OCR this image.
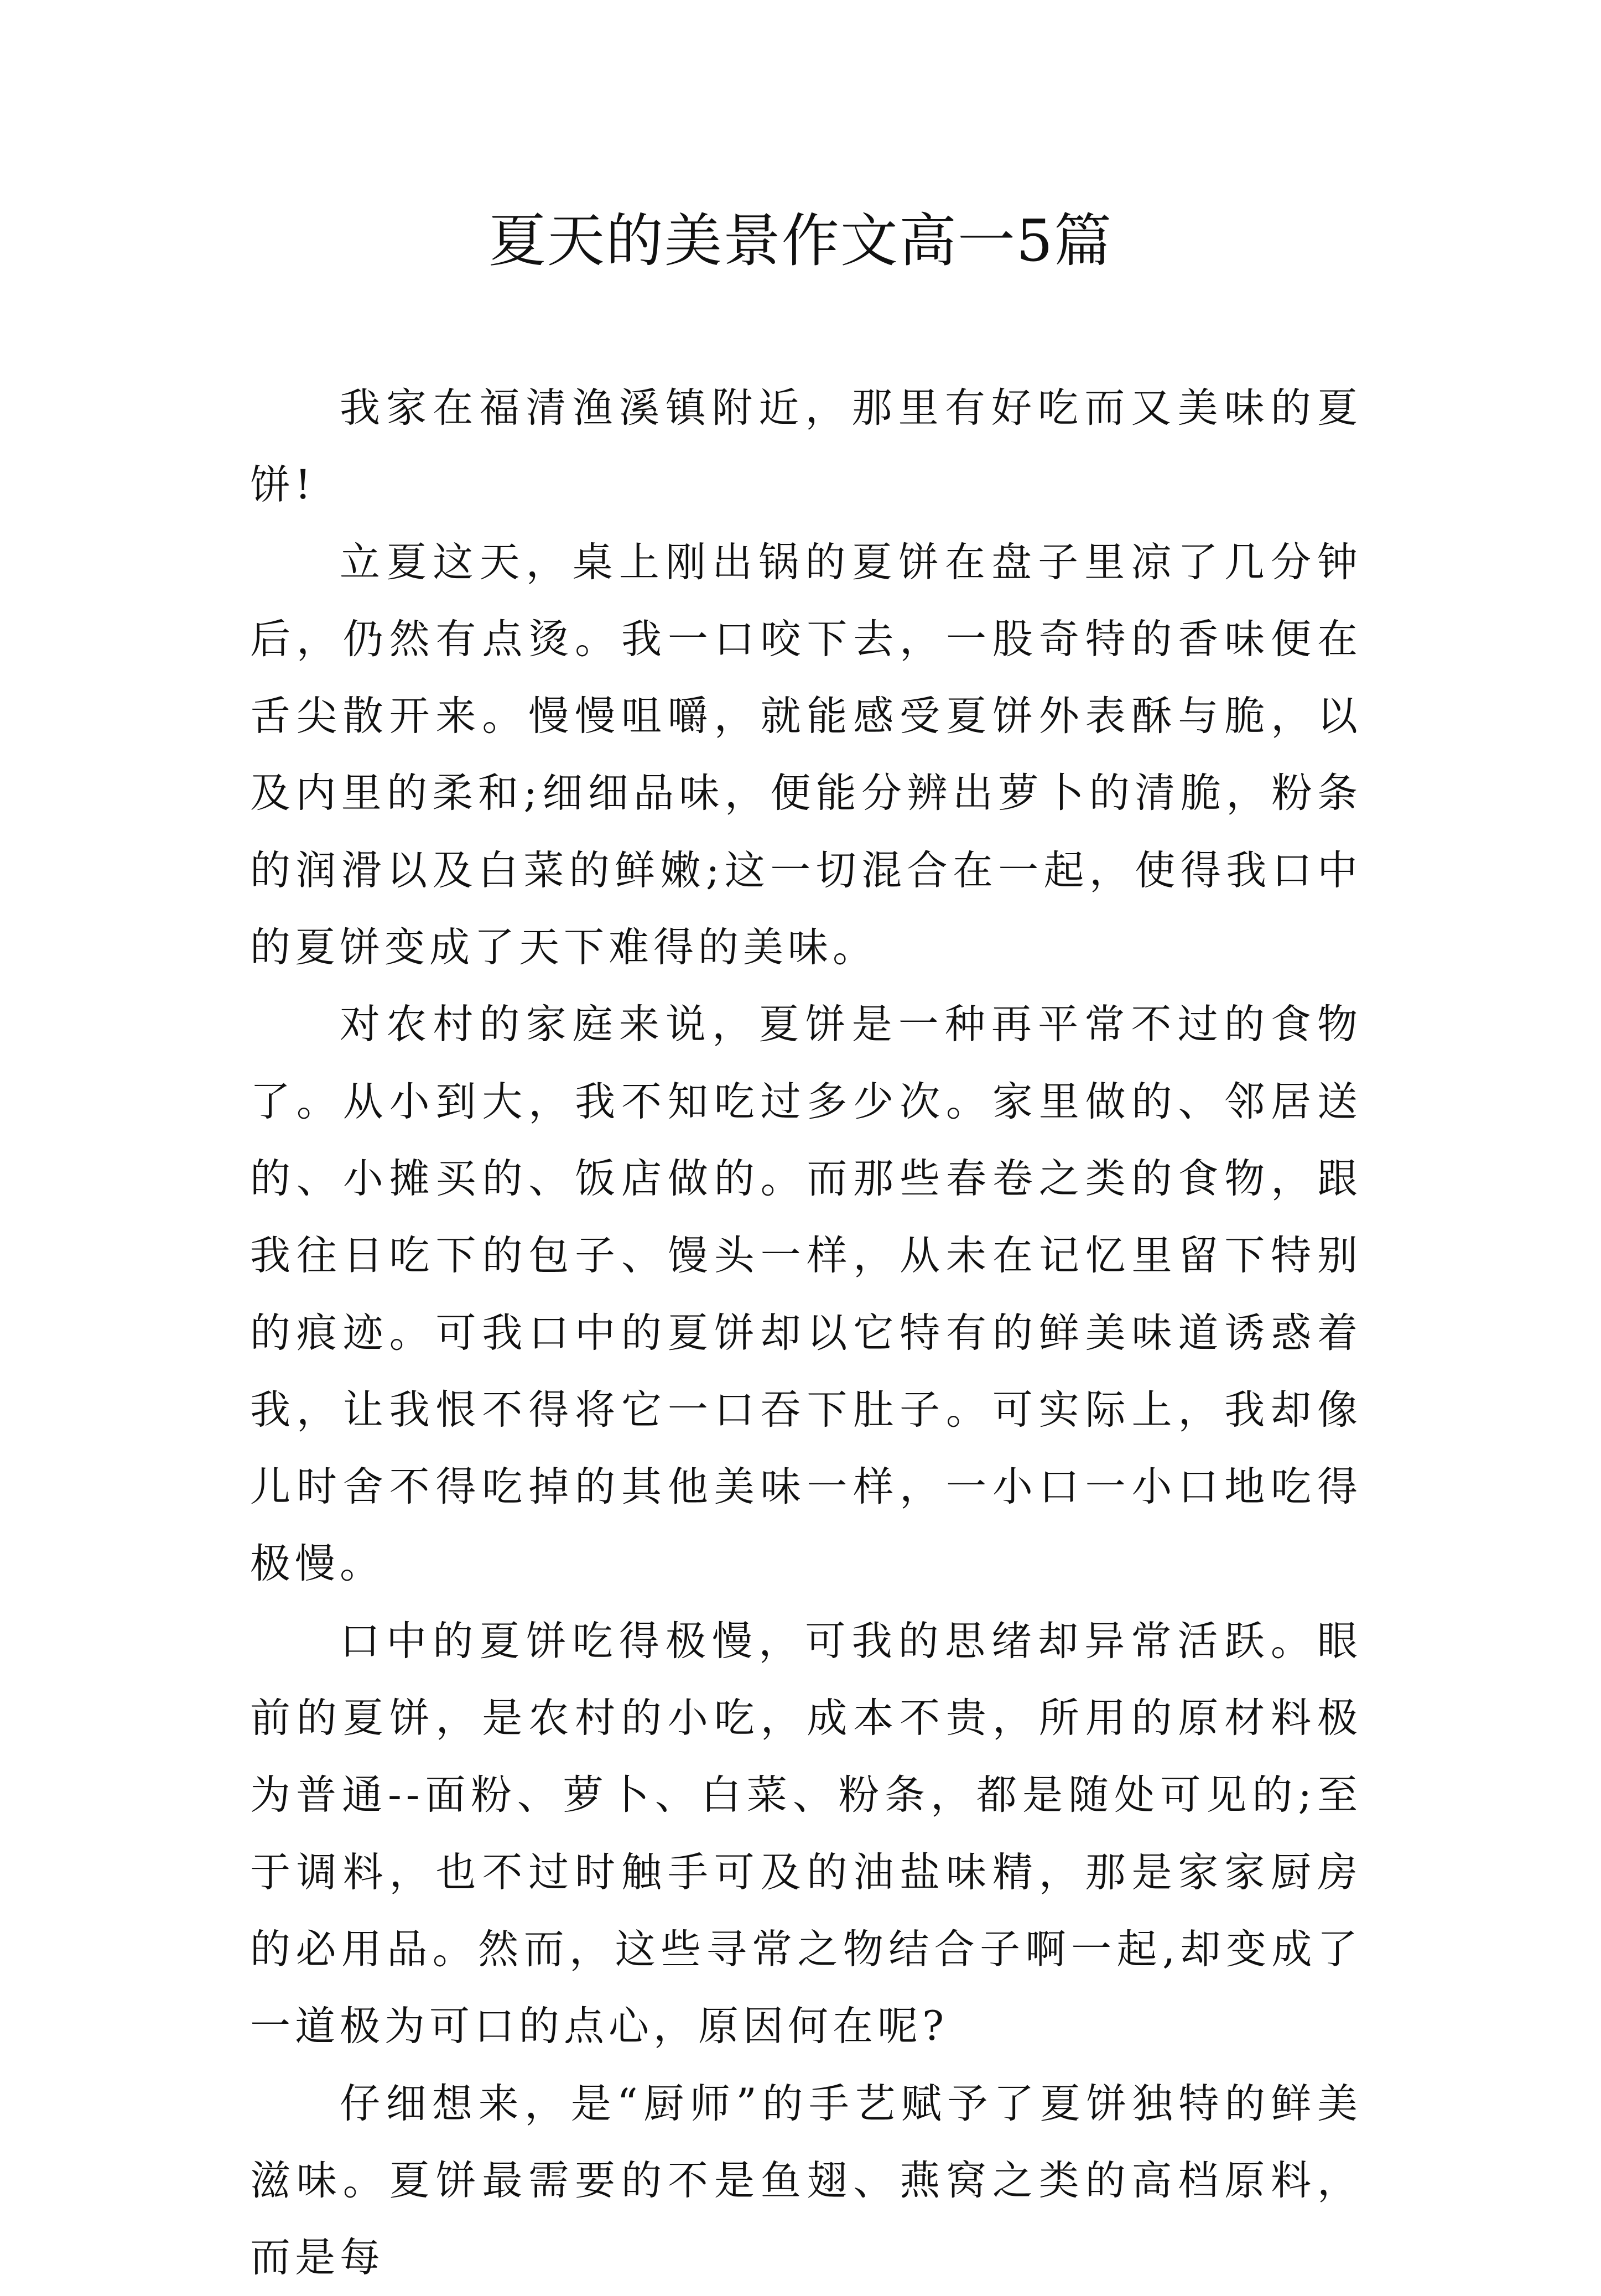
夏天的美景作文高一5篇

我家在福清渔溪镇附近，那里有好吃而又美味的夏饼!

立夏这天，桌上刚出锅的夏饼在盘子里凉了几分钟后，仍然有点烫。我一口咬下去，一股奇特的香味便在舌尖散开来。慢慢咀嚼，就能感受夏饼外表酥与脆，以及内里的柔和;细细品味，便能分辨出萝卜的清脆，粉条的润滑以及白菜的鲜嫩;这一切混合在一起，使得我口中的夏饼变成了天下难得的美味。

对农村的家庭来说，夏饼是一种再平常不过的食物了。从小到大，我不知吃过多少次。家里做的、邻居送的、小摊买的、饭店做的。而那些春卷之类的食物，跟我往日吃下的包子、馒头一样，从未在记忆里留下特别的痕迹。可我口中的夏饼却以它特有的鲜美味道诱惑着我，让我恨不得将它一口吞下肚子。可实际上，我却像儿时舍不得吃掉的其他美味一样，一小口一小口地吃得极慢。

口中的夏饼吃得极慢，可我的思绪却异常活跃。眼前的夏饼，是农村的小吃，成本不贵，所用的原材料极为普通--面粉、萝卜、白菜、粉条，都是随处可见的;至于调料，也不过时触手可及的油盐味精，那是家家厨房的必用品。然而，这些寻常之物结合子啊一起,却变成了一道极为可口的点心，原因何在呢?

仔细想来，是“厨师”的手艺赋予了夏饼独特的鲜美滋味。夏饼最需要的不是鱼翅、燕窝之类的高档原料，而是每
